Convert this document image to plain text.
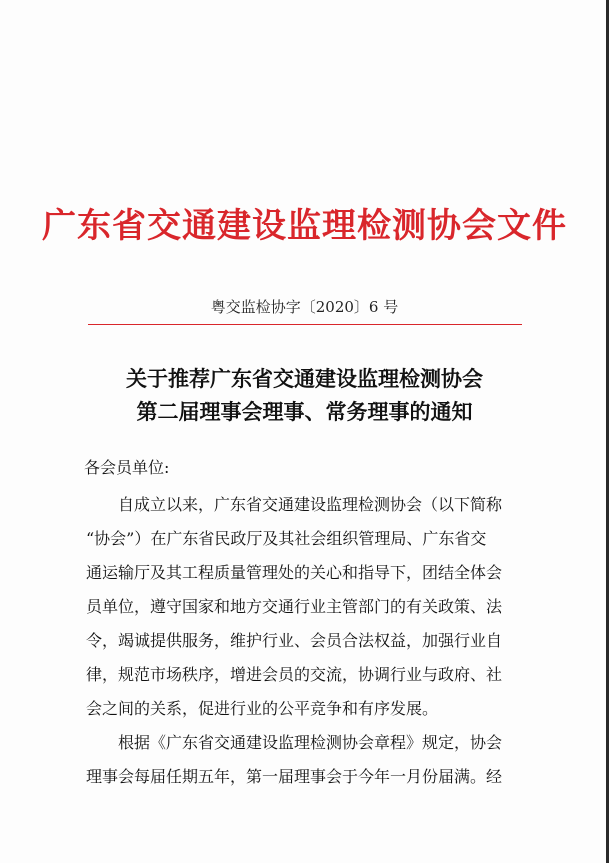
广东省交通建设监理检测协会文件
粤交监检协字〔2020〕6 号
关于推荐广东省交通建设监理检测协会
第二届理事会理事、常务理事的通知
各会员单位:
自成立以来，广东省交通建设监理检测协会（以下简称
“协会”）在广东省民政厅及其社会组织管理局、广东省交
通运输厅及其工程质量管理处的关心和指导下，团结全体会
员单位，遵守国家和地方交通行业主管部门的有关政策、法
令，竭诚提供服务，维护行业、会员合法权益，加强行业自
律，规范市场秩序，增进会员的交流，协调行业与政府、社
会之间的关系，促进行业的公平竞争和有序发展。
根据《广东省交通建设监理检测协会章程》规定，协会
理事会每届任期五年，第一届理事会于今年一月份届满。经
